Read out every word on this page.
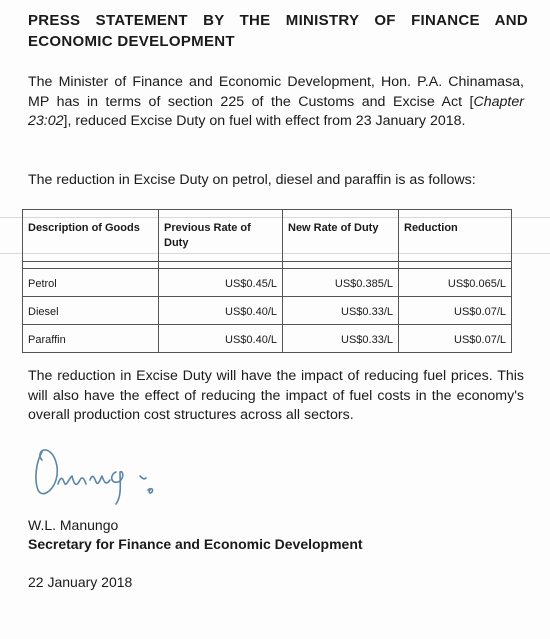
PRESS STATEMENT BY THE MINISTRY OF FINANCE AND ECONOMIC DEVELOPMENT
The Minister of Finance and Economic Development, Hon. P.A. Chinamasa, MP has in terms of section 225 of the Customs and Excise Act [Chapter 23:02], reduced Excise Duty on fuel with effect from 23 January 2018.
The reduction in Excise Duty on petrol, diesel and paraffin is as follows:
Description of Goods	Previous Rate of Duty	New Rate of Duty	Reduction

Petrol	US$0.45/L	US$0.385/L	US$0.065/L
Diesel	US$0.40/L	US$0.33/L	US$0.07/L
Paraffin	US$0.40/L	US$0.33/L	US$0.07/L
The reduction in Excise Duty will have the impact of reducing fuel prices. This will also have the effect of reducing the impact of fuel costs in the economy's overall production cost structures across all sectors.
W.L. Manungo
Secretary for Finance and Economic Development
22 January 2018
